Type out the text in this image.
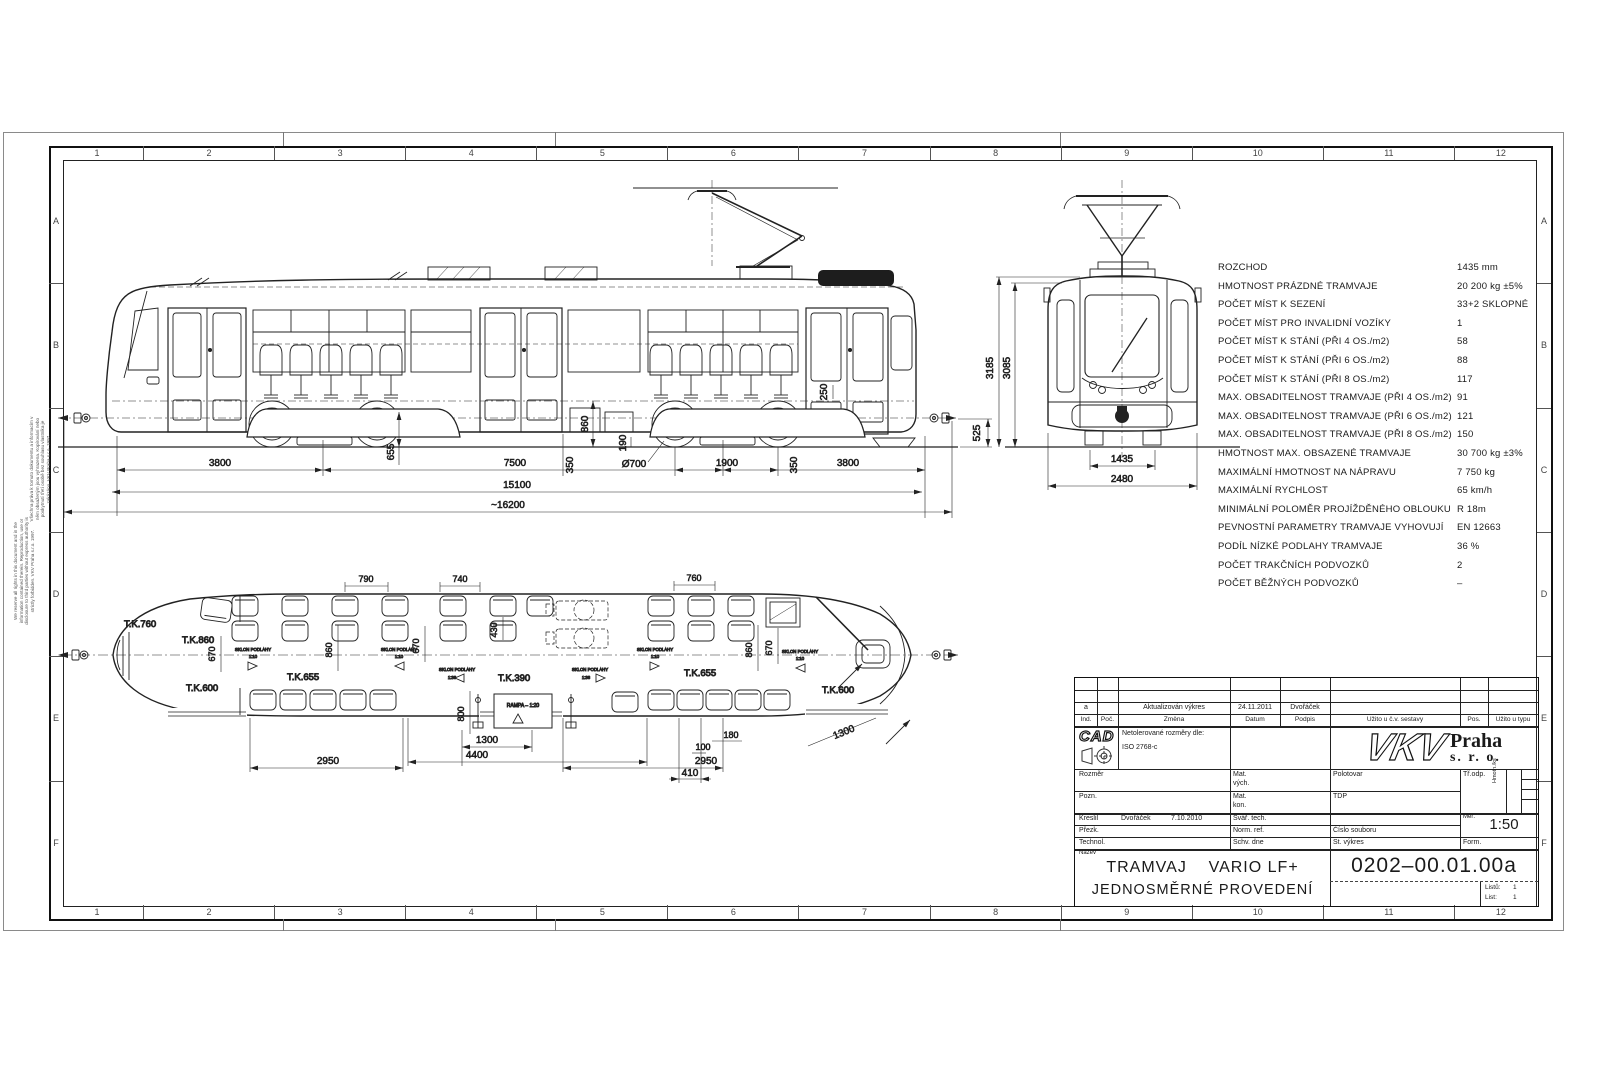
1	2	3	4	5	6	7	8	9	10	11	12
1	2	3	4	5	6	7	8	9	10	11	12
A
B
C
D
E
F
A
B
C
D
E
F
Všechna práva k tomuto dokumentu a informacím v něm obsaženým jsou vyhrazena. Kopírování nebo poskytnutí třetí osobě bez souhlasu vlastníka je zakázáno. VKV Praha s.r.o. 1997.
We reserve all rights in this document and in the information contained therein. Reproduction, use or disclosure to third parties without express authority is strictly forbidden. VKV Praha s.r.o. 1997.
3800	7500	350	Ø700	1900	350	3800
15100
~16200
655
860
190
250
525
3185 3085
1435
2480
RAMPA – 1:20
T.K.760
T.K.860
T.K.600
T.K.655	T.K.390	T.K.655
T.K.600
SKLON PODLAHY
1:10
SKLON PODLAHY
1:10
SKLON PODLAHY
1:36
SKLON PODLAHY
1:36
SKLON PODLAHY
1:10
SKLON PODLAHY
1:10
790	740	760
670	860	670
430
860 670
800
2950
1300
4400
410
100
180
2950
1300
ROZCHOD	1435 mm
HMOTNOST PRÁZDNÉ TRAMVAJE	20 200 kg ±5%
POČET MÍST K SEZENÍ	33+2 SKLOPNÉ
POČET MÍST PRO INVALIDNÍ VOZÍKY	1
POČET MÍST K STÁNÍ (PŘI 4 OS./m2)	58
POČET MÍST K STÁNÍ (PŘI 6 OS./m2)	88
POČET MÍST K STÁNÍ (PŘI 8 OS./m2)	117
MAX. OBSADITELNOST TRAMVAJE (PŘI 4 OS./m2) 91
MAX. OBSADITELNOST TRAMVAJE (PŘI 6 OS./m2) 121
MAX. OBSADITELNOST TRAMVAJE (PŘI 8 OS./m2) 150
HMOTNOST MAX. OBSAZENÉ TRAMVAJE	30 700 kg ±3%
MAXIMÁLNÍ HMOTNOST NA NÁPRAVU	7 750 kg
MAXIMÁLNÍ RYCHLOST	65 km/h
MINIMÁLNÍ POLOMĚR PROJÍŽDĚNÉHO OBLOUKU R 18m
PEVNOSTNÍ PARAMETRY TRAMVAJE VYHOVUJÍ EN 12663
PODÍL NÍZKÉ PODLAHY TRAMVAJE	36 %
POČET TRAKČNÍCH PODVOZKŮ	2
POČET BĚŽNÝCH PODVOZKŮ	–
a	Aktualizován výkres	24.11.2011	Dvořáček
Ind.	Poč.	Změna	Datum	Podpis	Užito u č.v. sestavy	Pos.	Užito u typu
CAD Netolerované rozměry dle:
ISO 2768-c	VKV Praha
s. r. o.
Rozměr	Mat.
vých.
Polotovar	Tř.odp. Hmotn./ks
Pozn.	Mat.
kon.
TDP
Kreslil	Dvořáček	7.10.2010	Svář. tech.
Přezk.	Norm. ref.	Číslo souboru
Technol.	Schv. dne	St. výkres
Měř. 1:50
Form.
Název
TRAMVAJ    VARIO LF+
JEDNOSMĚRNÉ PROVEDENÍ
0202–00.01.00a
Listů: 1
List: 1
